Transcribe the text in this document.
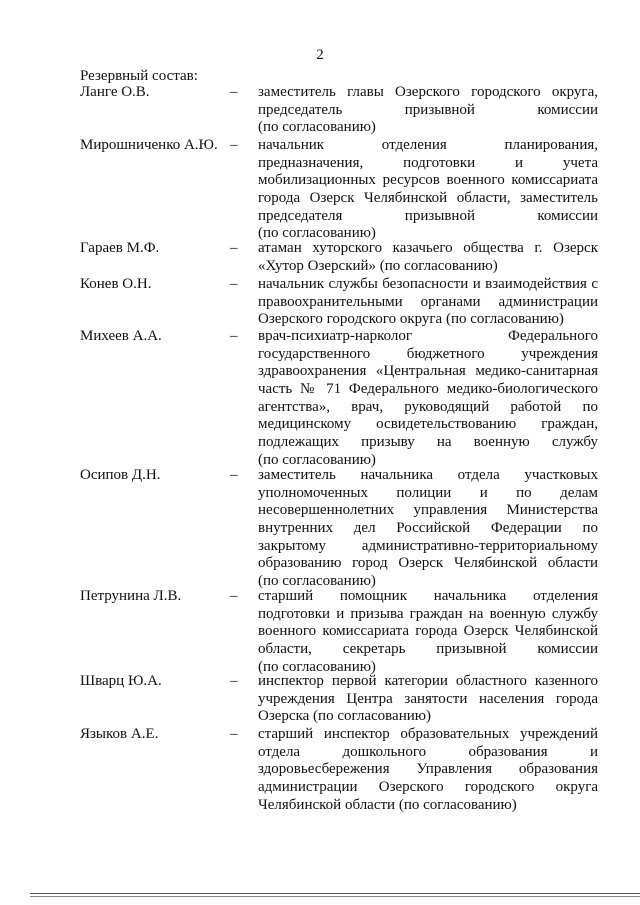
2
Резервный состав:
Ланге О.В.	– заместитель главы Озерского городского округа,
председатель призывной комиссии
(по согласованию)
Мирошниченко А.Ю. – начальник отделения планирования,
предназначения, подготовки и учета
мобилизационных ресурсов военного комиссариата
города Озерск Челябинской области, заместитель
председателя призывной комиссии
(по согласованию)
Гараев М.Ф.	– атаман хуторского казачьего общества г. Озерск
«Хутор Озерский» (по согласованию)
Конев О.Н.	– начальник службы безопасности и взаимодействия с
правоохранительными органами администрации
Озерского городского округа (по согласованию)
Михеев А.А.	– врач-психиатр-нарколог Федерального
государственного бюджетного учреждения
здравоохранения «Центральная медико-санитарная
часть № 71 Федерального медико-биологического
агентства», врач, руководящий работой по
медицинскому освидетельствованию граждан,
подлежащих призыву на военную службу
(по согласованию)
Осипов Д.Н.	– заместитель начальника отдела участковых
уполномоченных полиции и по делам
несовершеннолетних управления Министерства
внутренних дел Российской Федерации по
закрытому административно-территориальному
образованию город Озерск Челябинской области
(по согласованию)
Петрунина Л.В.	– старший помощник начальника отделения
подготовки и призыва граждан на военную службу
военного комиссариата города Озерск Челябинской
области, секретарь призывной комиссии
(по согласованию)
Шварц Ю.А.	– инспектор первой категории областного казенного
учреждения Центра занятости населения города
Озерска (по согласованию)
Языков А.Е.	– старший инспектор образовательных учреждений
отдела дошкольного образования и
здоровьесбережения Управления образования
администрации Озерского городского округа
Челябинской области (по согласованию)
